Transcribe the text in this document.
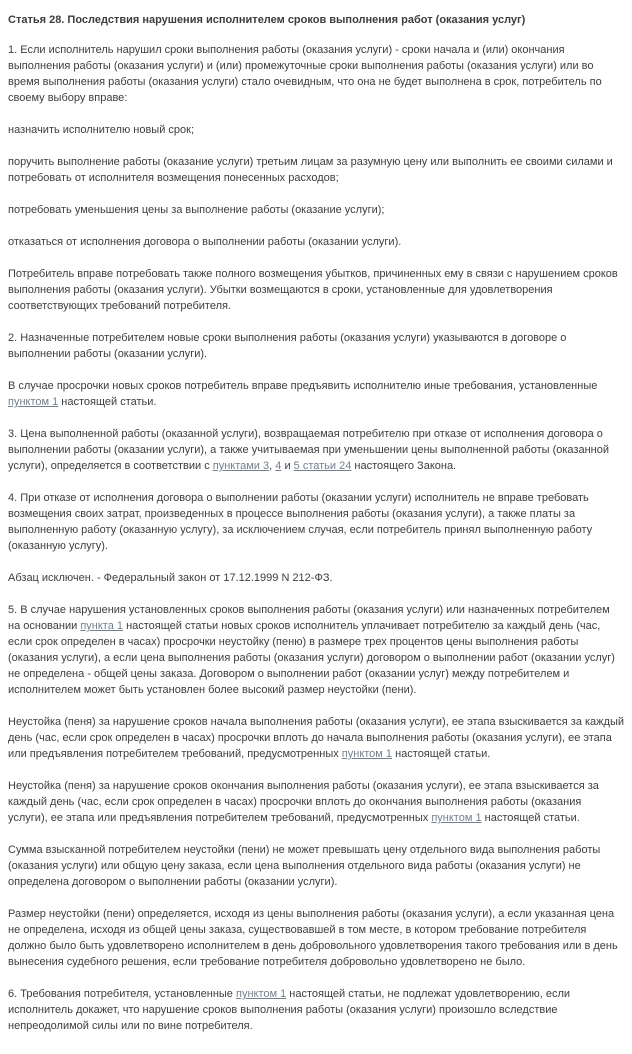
Статья 28. Последствия нарушения исполнителем сроков выполнения работ (оказания услуг)

1. Если исполнитель нарушил сроки выполнения работы (оказания услуги) - сроки начала и (или) окончания выполнения работы (оказания услуги) и (или) промежуточные сроки выполнения работы (оказания услуги) или во время выполнения работы (оказания услуги) стало очевидным, что она не будет выполнена в срок, потребитель по своему выбору вправе:

назначить исполнителю новый срок;

поручить выполнение работы (оказание услуги) третьим лицам за разумную цену или выполнить ее своими силами и потребовать от исполнителя возмещения понесенных расходов;

потребовать уменьшения цены за выполнение работы (оказание услуги);

отказаться от исполнения договора о выполнении работы (оказании услуги).

Потребитель вправе потребовать также полного возмещения убытков, причиненных ему в связи с нарушением сроков выполнения работы (оказания услуги). Убытки возмещаются в сроки, установленные для удовлетворения соответствующих требований потребителя.

2. Назначенные потребителем новые сроки выполнения работы (оказания услуги) указываются в договоре о выполнении работы (оказании услуги).

В случае просрочки новых сроков потребитель вправе предъявить исполнителю иные требования, установленные пунктом 1 настоящей статьи.

3. Цена выполненной работы (оказанной услуги), возвращаемая потребителю при отказе от исполнения договора о выполнении работы (оказании услуги), а также учитываемая при уменьшении цены выполненной работы (оказанной услуги), определяется в соответствии с пунктами 3, 4 и 5 статьи 24 настоящего Закона.

4. При отказе от исполнения договора о выполнении работы (оказании услуги) исполнитель не вправе требовать возмещения своих затрат, произведенных в процессе выполнения работы (оказания услуги), а также платы за выполненную работу (оказанную услугу), за исключением случая, если потребитель принял выполненную работу (оказанную услугу).

Абзац исключен. - Федеральный закон от 17.12.1999 N 212-ФЗ.

5. В случае нарушения установленных сроков выполнения работы (оказания услуги) или назначенных потребителем на основании пункта 1 настоящей статьи новых сроков исполнитель уплачивает потребителю за каждый день (час, если срок определен в часах) просрочки неустойку (пеню) в размере трех процентов цены выполнения работы (оказания услуги), а если цена выполнения работы (оказания услуги) договором о выполнении работ (оказании услуг) не определена - общей цены заказа. Договором о выполнении работ (оказании услуг) между потребителем и исполнителем может быть установлен более высокий размер неустойки (пени).

Неустойка (пеня) за нарушение сроков начала выполнения работы (оказания услуги), ее этапа взыскивается за каждый день (час, если срок определен в часах) просрочки вплоть до начала выполнения работы (оказания услуги), ее этапа или предъявления потребителем требований, предусмотренных пунктом 1 настоящей статьи.

Неустойка (пеня) за нарушение сроков окончания выполнения работы (оказания услуги), ее этапа взыскивается за каждый день (час, если срок определен в часах) просрочки вплоть до окончания выполнения работы (оказания услуги), ее этапа или предъявления потребителем требований, предусмотренных пунктом 1 настоящей статьи.

Сумма взысканной потребителем неустойки (пени) не может превышать цену отдельного вида выполнения работы (оказания услуги) или общую цену заказа, если цена выполнения отдельного вида работы (оказания услуги) не определена договором о выполнении работы (оказании услуги).

Размер неустойки (пени) определяется, исходя из цены выполнения работы (оказания услуги), а если указанная цена не определена, исходя из общей цены заказа, существовавшей в том месте, в котором требование потребителя должно было быть удовлетворено исполнителем в день добровольного удовлетворения такого требования или в день вынесения судебного решения, если требование потребителя добровольно удовлетворено не было.

6. Требования потребителя, установленные пунктом 1 настоящей статьи, не подлежат удовлетворению, если исполнитель докажет, что нарушение сроков выполнения работы (оказания услуги) произошло вследствие непреодолимой силы или по вине потребителя.
